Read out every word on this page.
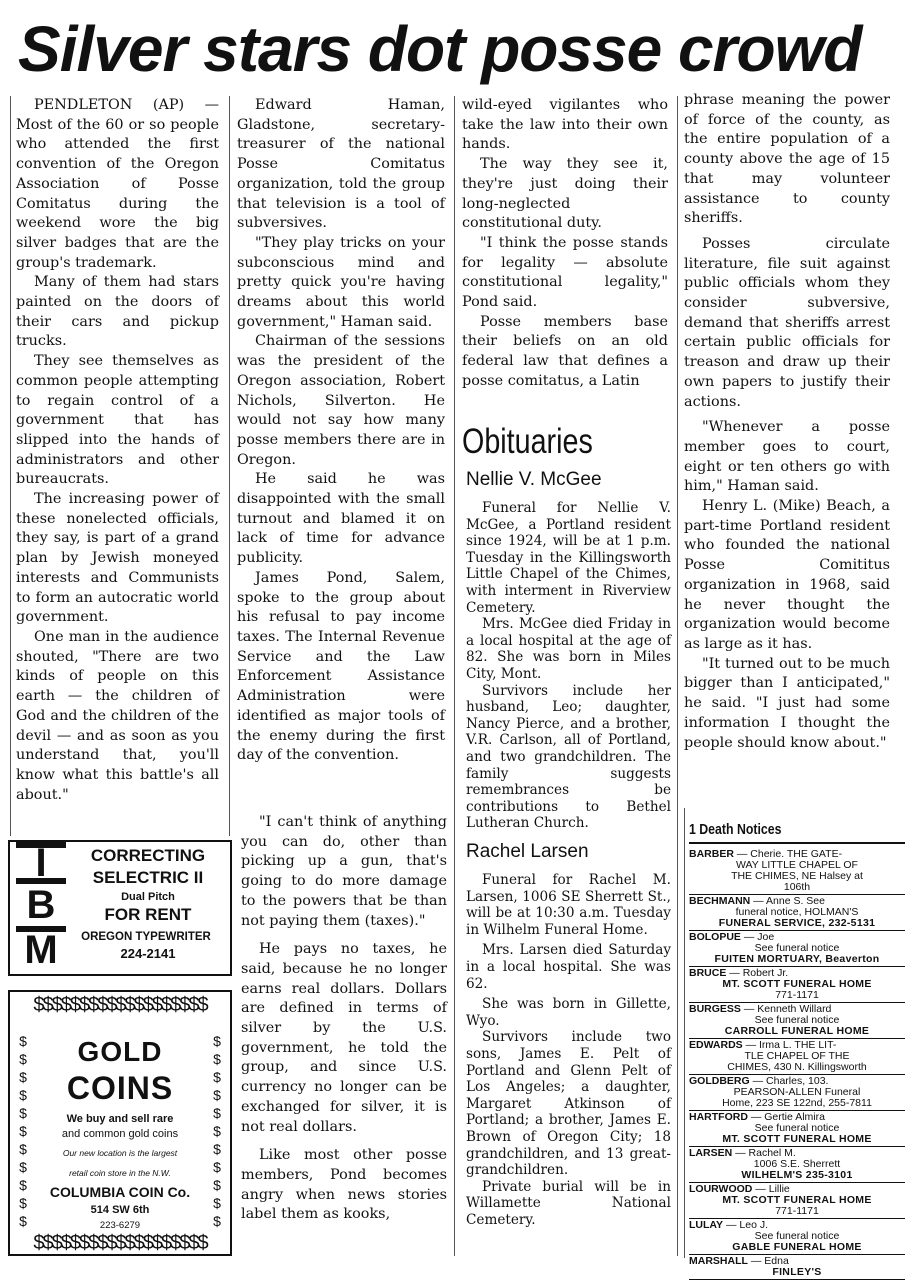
Silver stars dot posse crowd

PENDLETON (AP) — Most of the 60 or so people who attended the first convention of the Oregon Association of Posse Comitatus during the weekend wore the big silver badges that are the group's trademark.

Many of them had stars painted on the doors of their cars and pickup trucks.

They see themselves as common people attempting to regain control of a government that has slipped into the hands of administrators and other bureaucrats.

The increasing power of these nonelected officials, they say, is part of a grand plan by Jewish moneyed interests and Communists to form an autocratic world government.

One man in the audience shouted, "There are two kinds of people on this earth — the children of God and the children of the devil — and as soon as you understand that, you'll know what this battle's all about."

Edward Haman, Gladstone, secretary-treasurer of the national Posse Comitatus organization, told the group that television is a tool of subversives.

"They play tricks on your subconscious mind and pretty quick you're having dreams about this world government," Haman said.

Chairman of the sessions was the president of the Oregon association, Robert Nichols, Silverton. He would not say how many posse members there are in Oregon.

He said he was disappointed with the small turnout and blamed it on lack of time for advance publicity.

James Pond, Salem, spoke to the group about his refusal to pay income taxes. The Internal Revenue Service and the Law Enforcement Assistance Administration were identified as major tools of the enemy during the first day of the convention.

"I can't think of anything you can do, other than picking up a gun, that's going to do more damage to the powers that be than not paying them (taxes)."

He pays no taxes, he said, because he no longer earns real dollars. Dollars are defined in terms of silver by the U.S. government, he told the group, and since U.S. currency no longer can be exchanged for silver, it is not real dollars.

Like most other posse members, Pond becomes angry when news stories label them as kooks,

wild-eyed vigilantes who take the law into their own hands.

The way they see it, they're just doing their long-neglected constitutional duty.

"I think the posse stands for legality — absolute constitutional legality," Pond said.

Posse members base their beliefs on an old federal law that defines a posse comitatus, a Latin

phrase meaning the power of force of the county, as the entire population of a county above the age of 15 that may volunteer assistance to county sheriffs.

Posses circulate literature, file suit against public officials whom they consider subversive, demand that sheriffs arrest certain public officials for treason and draw up their own papers to justify their actions.

"Whenever a posse member goes to court, eight or ten others go with him," Haman said.

Henry L. (Mike) Beach, a part-time Portland resident who founded the national Posse Comititus organization in 1968, said he never thought the organization would become as large as it has.

"It turned out to be much bigger than I anticipated," he said. "I just had some information I thought the people should know about."

Obituaries
Nellie V. McGee

Funeral for Nellie V. McGee, a Portland resident since 1924, will be at 1 p.m. Tuesday in the Killingsworth Little Chapel of the Chimes, with interment in Riverview Cemetery.

Mrs. McGee died Friday in a local hospital at the age of 82. She was born in Miles City, Mont.

Survivors include her husband, Leo; daughter, Nancy Pierce, and a brother, V.R. Carlson, all of Portland, and two grandchildren. The family suggests remembrances be contributions to Bethel Lutheran Church.

Rachel Larsen

Funeral for Rachel M. Larsen, 1006 SE Sherrett St., will be at 10:30 a.m. Tuesday in Wilhelm Funeral Home.

Mrs. Larsen died Saturday in a local hospital. She was 62.

She was born in Gillette, Wyo.

Survivors include two sons, James E. Pelt of Portland and Glenn Pelt of Los Angeles; a daughter, Margaret Atkinson of Portland; a brother, James E. Brown of Oregon City; 18 grandchildren, and 13 great-grandchildren.

Private burial will be in Willamette National Cemetery.

I
B
M
CORRECTING
SELECTRIC II
Dual Pitch
FOR RENT
OREGON TYPEWRITER
224-2141
$$$$$$$$$$$$$$$$$$$
$$$$$$$$$$$$$$$$$$$
$
$
$
$
$
$
$
$
$
$
$
$
$
$
$
$
$
$
$
$
$
$
GOLD
COINS
We buy and sell rare
and common gold coins
Our new location is the largest
retail coin store in the N.W.
COLUMBIA COIN Co.
514 SW 6th
223-6279
1 Death Notices
BARBER — Cherie. THE GATE-
WAY LITTLE CHAPEL OF
THE CHIMES, NE Halsey at
106th
BECHMANN — Anne S. See
funeral notice, HOLMAN'S
FUNERAL SERVICE, 232-5131
BOLOPUE — Joe
See funeral notice
FUITEN MORTUARY, Beaverton
BRUCE — Robert Jr.
MT. SCOTT FUNERAL HOME
771-1171
BURGESS — Kenneth Willard
See funeral notice
CARROLL FUNERAL HOME
EDWARDS — Irma L. THE LIT-
TLE CHAPEL OF THE
CHIMES, 430 N. Killingsworth
GOLDBERG — Charles, 103.
PEARSON-ALLEN Funeral
Home, 223 SE 122nd, 255-7811
HARTFORD — Gertie Almira
See funeral notice
MT. SCOTT FUNERAL HOME
LARSEN — Rachel M.
1006 S.E. Sherrett
WILHELM'S 235-3101
LOURWOOD — Lillie
MT. SCOTT FUNERAL HOME
771-1171
LULAY — Leo J.
See funeral notice
GABLE FUNERAL HOME
MARSHALL — Edna
FINLEY'S
